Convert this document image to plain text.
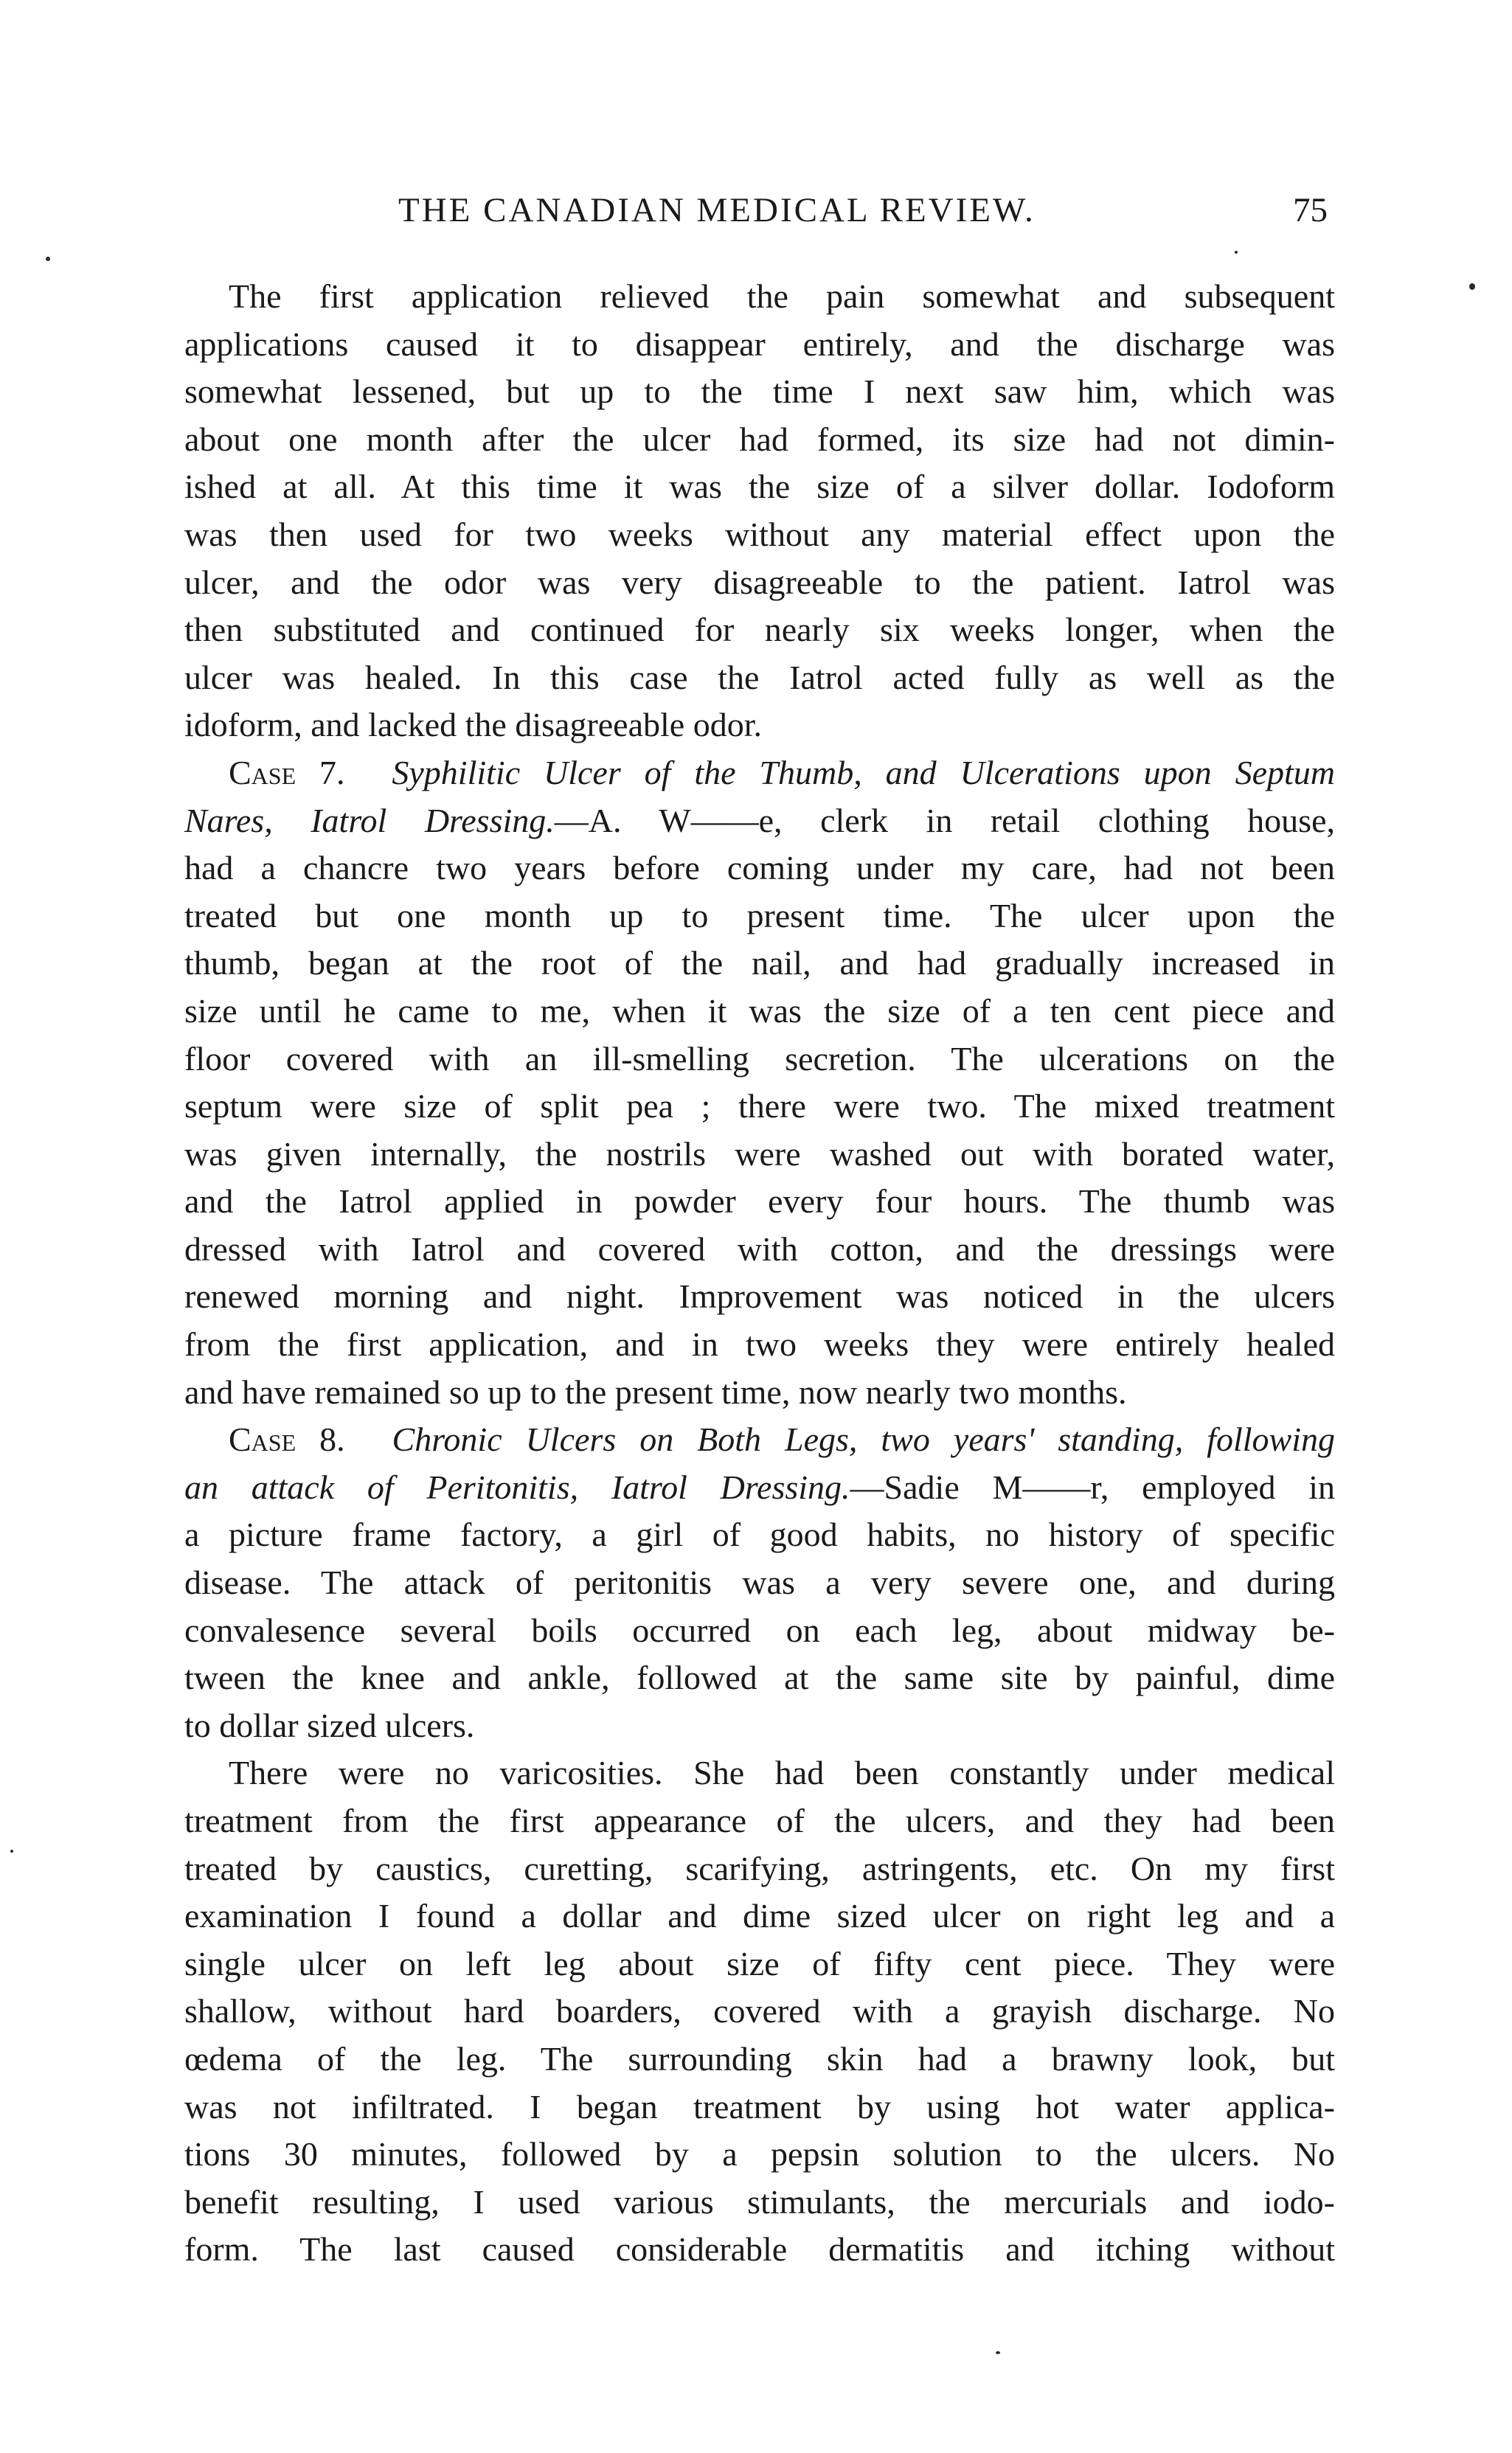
THE CANADIAN MEDICAL REVIEW.	75
The first application relieved the pain somewhat and subsequent
applications caused it to disappear entirely, and the discharge was
somewhat lessened, but up to the time I next saw him, which was
about one month after the ulcer had formed, its size had not dimin-
ished at all. At this time it was the size of a silver dollar. Iodoform
was then used for two weeks without any material effect upon the
ulcer, and the odor was very disagreeable to the patient. Iatrol was
then substituted and continued for nearly six weeks longer, when the
ulcer was healed. In this case the Iatrol acted fully as well as the
idoform, and lacked the disagreeable odor.
Case 7. Syphilitic Ulcer of the Thumb, and Ulcerations upon Septum
Nares, Iatrol Dressing.—A. W——e, clerk in retail clothing house,
had a chancre two years before coming under my care, had not been
treated but one month up to present time. The ulcer upon the
thumb, began at the root of the nail, and had gradually increased in
size until he came to me, when it was the size of a ten cent piece and
floor covered with an ill-smelling secretion. The ulcerations on the
septum were size of split pea ; there were two. The mixed treatment
was given internally, the nostrils were washed out with borated water,
and the Iatrol applied in powder every four hours. The thumb was
dressed with Iatrol and covered with cotton, and the dressings were
renewed morning and night. Improvement was noticed in the ulcers
from the first application, and in two weeks they were entirely healed
and have remained so up to the present time, now nearly two months.
Case 8. Chronic Ulcers on Both Legs, two years' standing, following
an attack of Peritonitis, Iatrol Dressing.—Sadie M——r, employed in
a picture frame factory, a girl of good habits, no history of specific
disease. The attack of peritonitis was a very severe one, and during
convalesence several boils occurred on each leg, about midway be-
tween the knee and ankle, followed at the same site by painful, dime
to dollar sized ulcers.
There were no varicosities. She had been constantly under medical
treatment from the first appearance of the ulcers, and they had been
treated by caustics, curetting, scarifying, astringents, etc. On my first
examination I found a dollar and dime sized ulcer on right leg and a
single ulcer on left leg about size of fifty cent piece. They were
shallow, without hard boarders, covered with a grayish discharge. No
œdema of the leg. The surrounding skin had a brawny look, but
was not infiltrated. I began treatment by using hot water applica-
tions 30 minutes, followed by a pepsin solution to the ulcers. No
benefit resulting, I used various stimulants, the mercurials and iodo-
form. The last caused considerable dermatitis and itching without
